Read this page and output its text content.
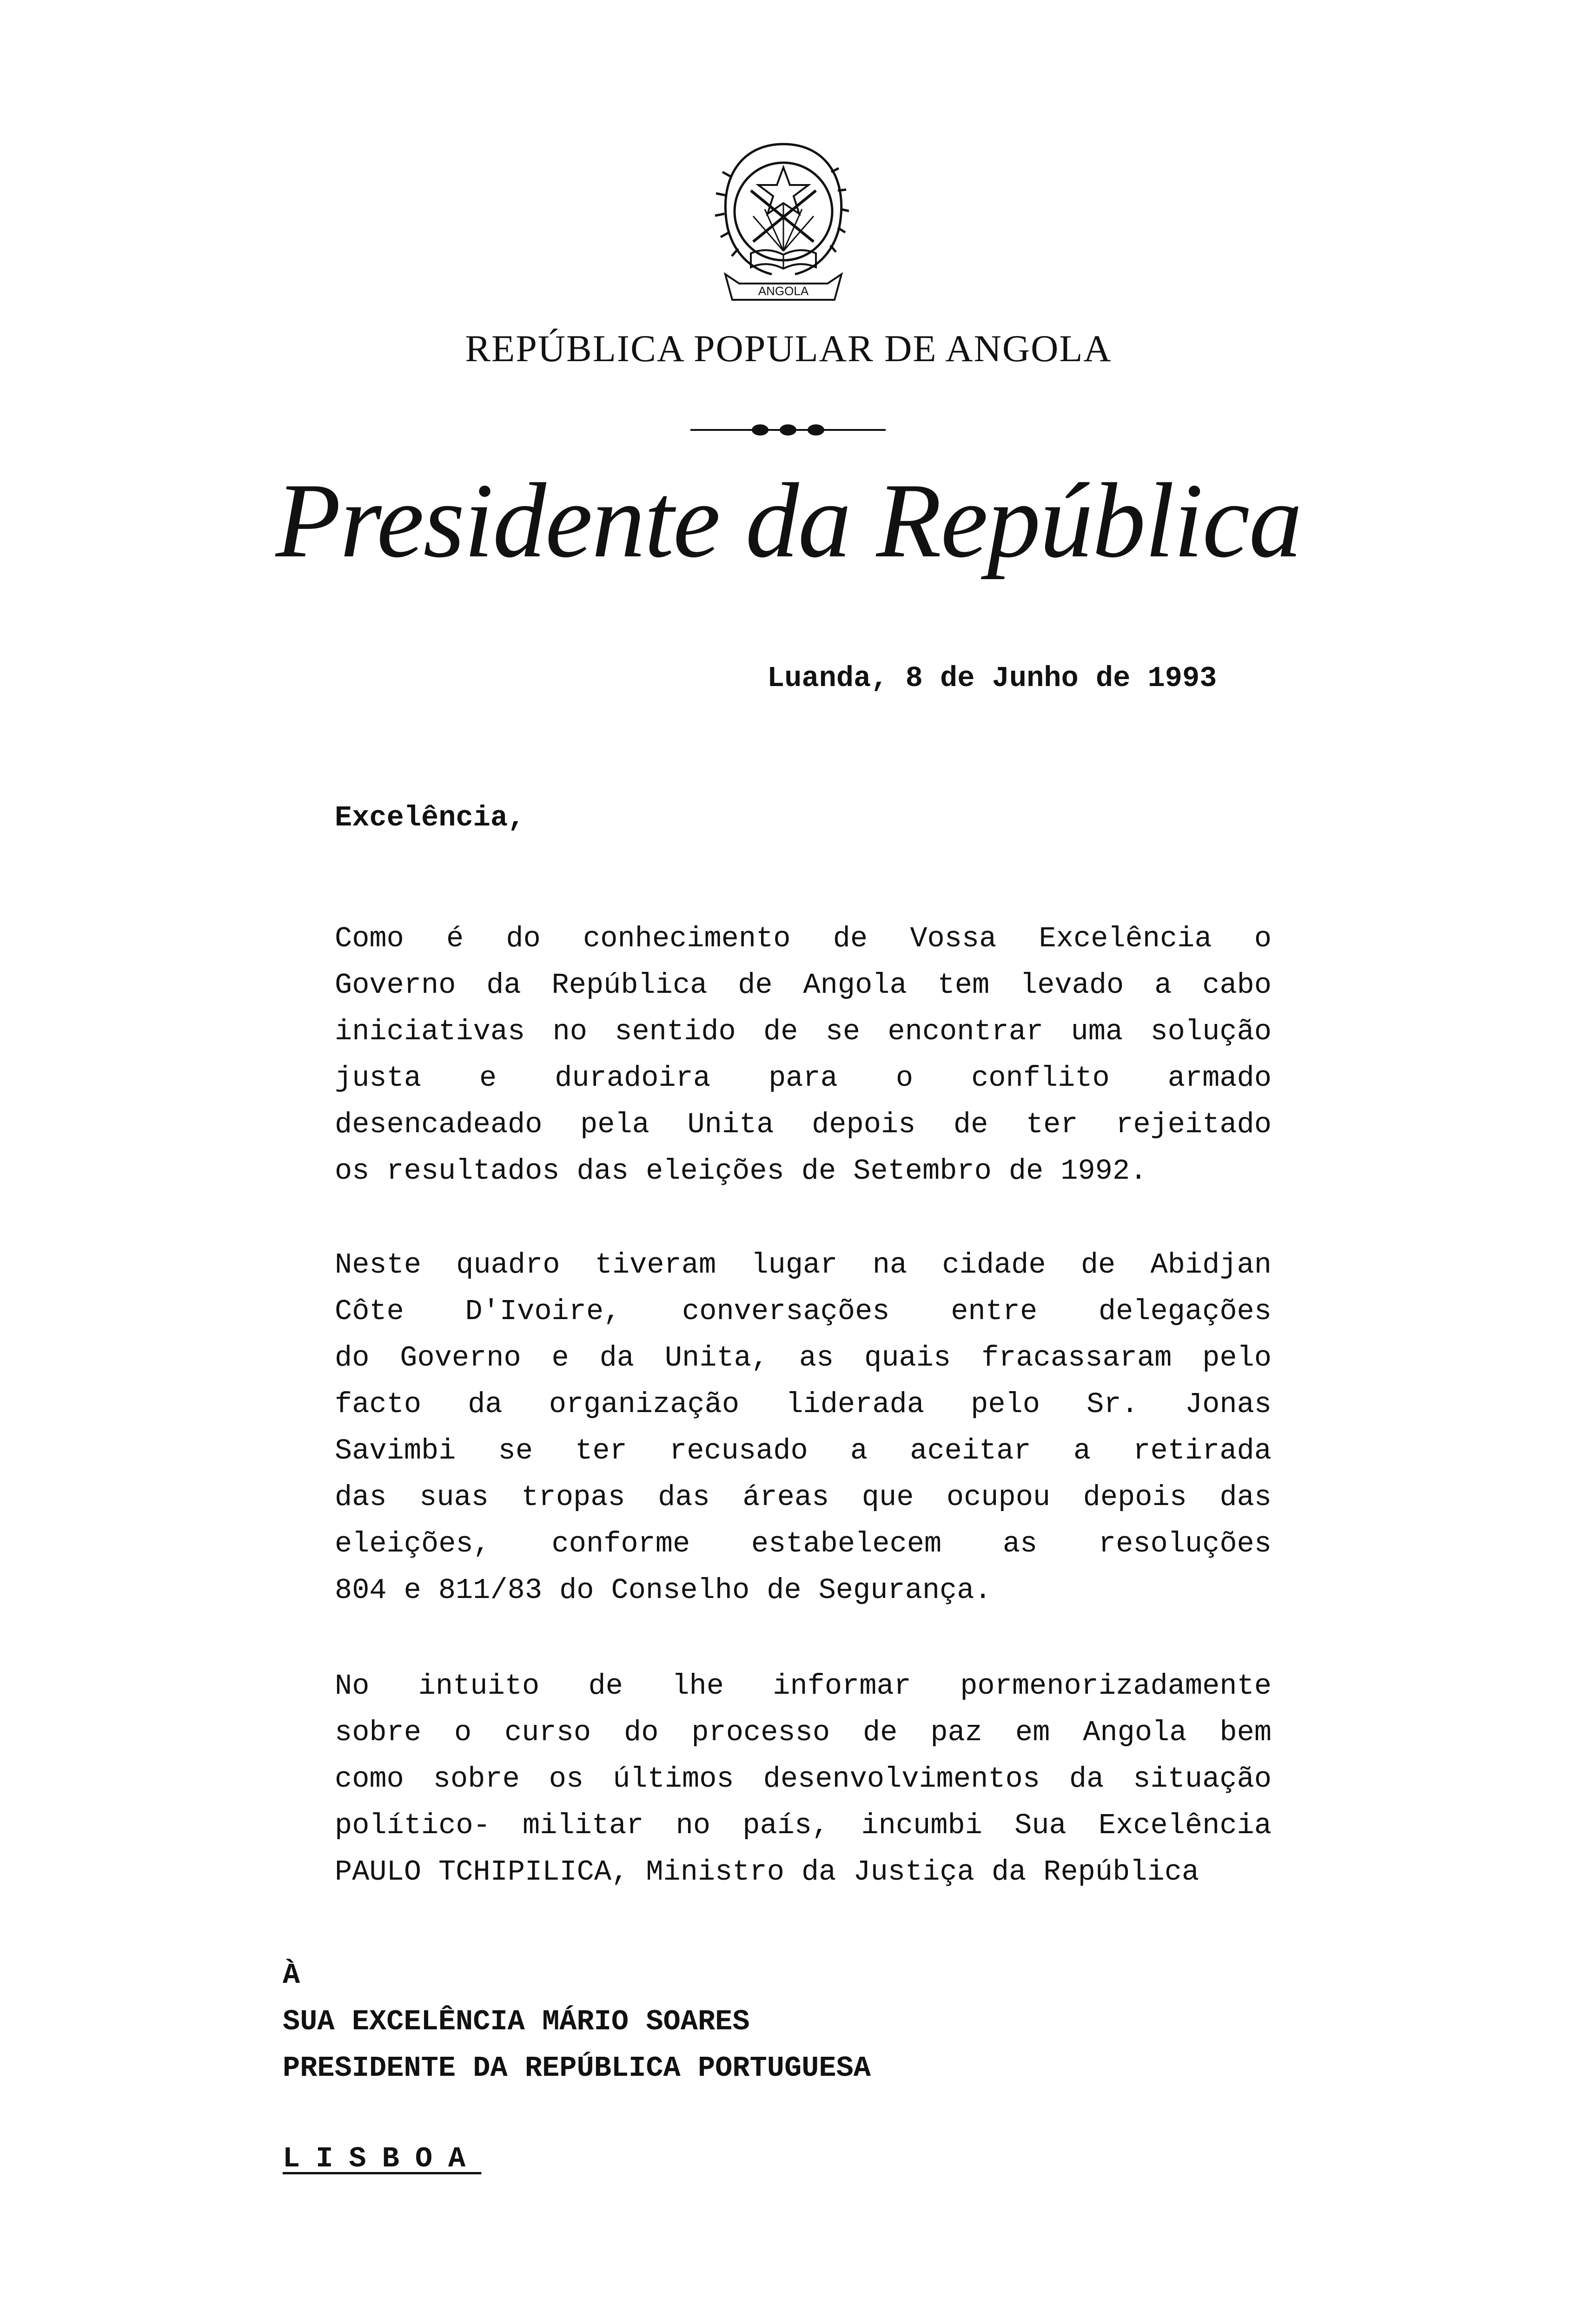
ANGOLA
REPÚBLICA POPULAR DE ANGOLA
Presidente da República
Luanda, 8 de Junho de 1993
Excelência,
Como é do conhecimento de Vossa Excelência o
Governo da República de Angola tem levado a cabo
iniciativas no sentido de se encontrar uma solução
justa e duradoira para o conflito armado
desencadeado pela Unita depois de ter rejeitado
os resultados das eleições de Setembro de 1992.
Neste quadro tiveram lugar na cidade de Abidjan
Côte D'Ivoire, conversações entre delegações
do Governo e da Unita, as quais fracassaram pelo
facto da organização liderada pelo Sr. Jonas
Savimbi se ter recusado a aceitar a retirada
das suas tropas das áreas que ocupou depois das
eleições, conforme estabelecem as resoluções
804 e 811/83 do Conselho de Segurança.
No intuito de lhe informar pormenorizadamente
sobre o curso do processo de paz em Angola bem
como sobre os últimos desenvolvimentos da situação
político- militar no país, incumbi Sua Excelência
PAULO TCHIPILICA, Ministro da Justiça da República
À
SUA EXCELÊNCIA MÁRIO SOARES
PRESIDENTE DA REPÚBLICA PORTUGUESA
LISBOA
